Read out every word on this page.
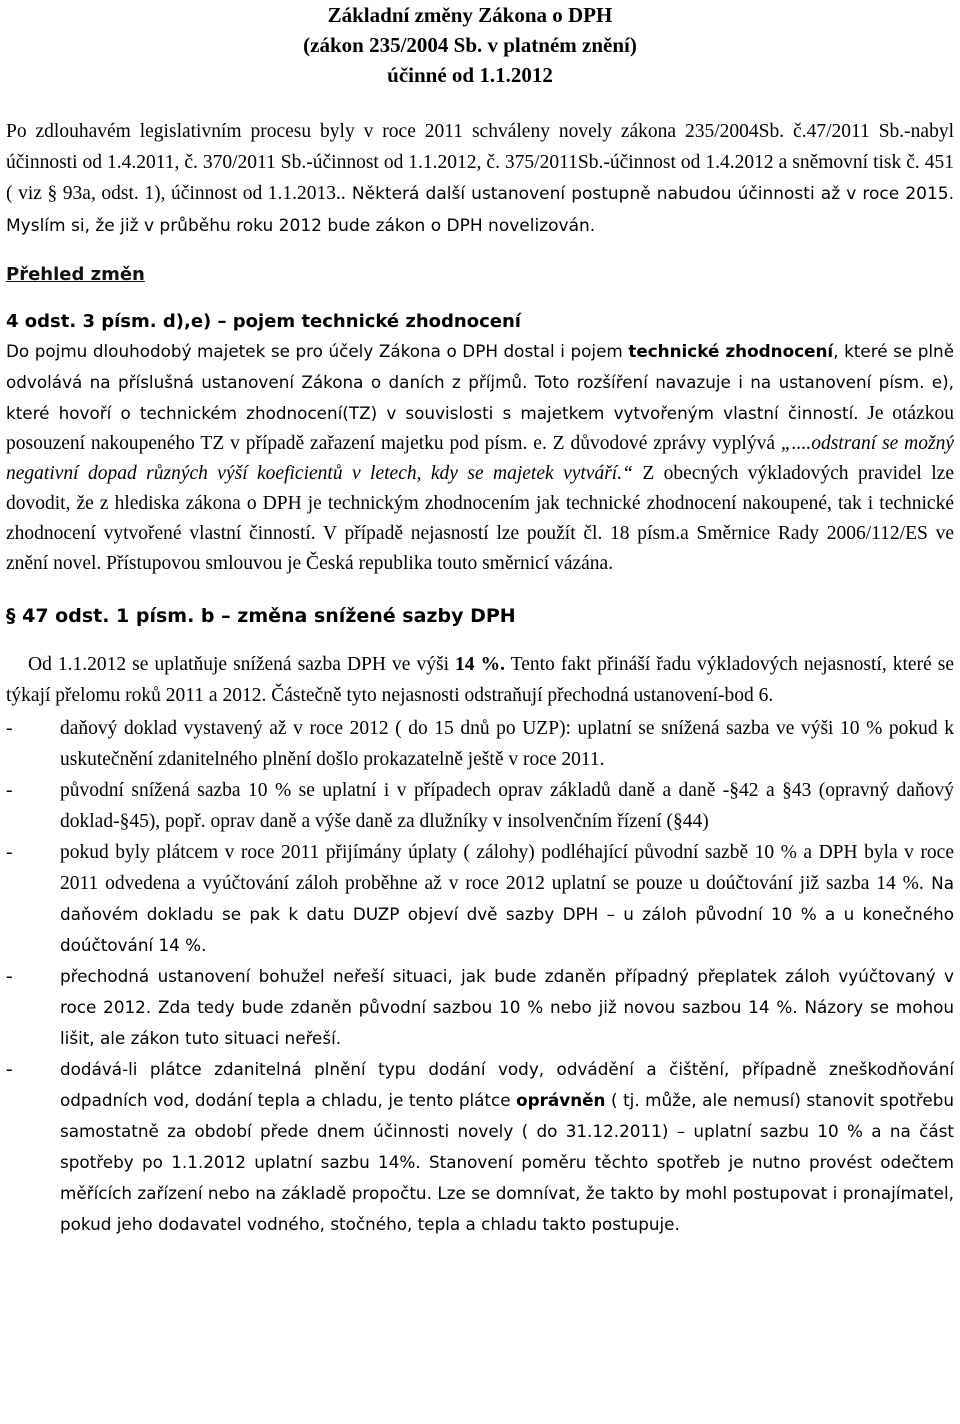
Základní změny Zákona o DPH
(zákon 235/2004 Sb. v platném znění)
účinné od 1.1.2012
Po zdlouhavém legislativním procesu byly v roce 2011 schváleny novely zákona 235/2004Sb. č.47/2011 Sb.-nabyl účinnosti od 1.4.2011, č. 370/2011 Sb.-účinnost od 1.1.2012, č. 375/2011Sb.-účinnost od 1.4.2012 a sněmovní tisk č. 451 ( viz § 93a, odst. 1), účinnost od 1.1.2013.. Některá další ustanovení postupně nabudou účinnosti až v roce 2015. Myslím si, že již v průběhu roku 2012 bude zákon o DPH novelizován.
Přehled změn
4 odst. 3 písm. d),e) – pojem technické zhodnocení
Do pojmu dlouhodobý majetek se pro účely Zákona o DPH dostal i pojem technické zhodnocení, které se plně odvolává na příslušná ustanovení Zákona o daních z příjmů. Toto rozšíření navazuje i na ustanovení písm. e), které hovoří o technickém zhodnocení(TZ) v souvislosti s majetkem vytvořeným vlastní činností. Je otázkou posouzení nakoupeného TZ v případě zařazení majetku pod písm. e. Z důvodové zprávy vyplývá „....odstraní se možný negativní dopad různých výší koeficientů v letech, kdy se majetek vytváří.“ Z obecných výkladových pravidel lze dovodit, že z hlediska zákona o DPH je technickým zhodnocením jak technické zhodnocení nakoupené, tak i technické zhodnocení vytvořené vlastní činností. V případě nejasností lze použít čl. 18 písm.a Směrnice Rady 2006/112/ES ve znění novel. Přístupovou smlouvou je Česká republika touto směrnicí vázána.
§ 47 odst. 1 písm. b – změna snížené sazby DPH
Od 1.1.2012 se uplatňuje snížená sazba DPH ve výši 14 %. Tento fakt přináší řadu výkladových nejasností, které se týkají přelomu roků 2011 a 2012. Částečně tyto nejasnosti odstraňují přechodná ustanovení-bod 6.
- daňový doklad vystavený až v roce 2012 ( do 15 dnů po UZP): uplatní se snížená sazba ve výši 10 % pokud k uskutečnění zdanitelného plnění došlo prokazatelně ještě v roce 2011.
- původní snížená sazba 10 % se uplatní i v případech oprav základů daně a daně -§42 a §43 (opravný daňový doklad-§45), popř. oprav daně a výše daně za dlužníky v insolvenčním řízení (§44)
- pokud byly plátcem v roce 2011 přijímány úplaty ( zálohy) podléhající původní sazbě 10 % a DPH byla v roce 2011 odvedena a vyúčtování záloh proběhne až v roce 2012 uplatní se pouze u doúčtování již sazba 14 %. Na daňovém dokladu se pak k datu DUZP objeví dvě sazby DPH – u záloh původní 10 % a u konečného doúčtování 14 %.
-	přechodná ustanovení bohužel neřeší situaci, jak bude zdaněn případný přeplatek záloh vyúčtovaný v roce 2012. Zda tedy bude zdaněn původní sazbou 10 % nebo již novou sazbou 14 %. Názory se mohou lišit, ale zákon tuto situaci neřeší.
-	dodává-li plátce zdanitelná plnění typu dodání vody, odvádění a čištění, případně zneškodňování odpadních vod, dodání tepla a chladu, je tento plátce oprávněn ( tj. může, ale nemusí) stanovit spotřebu samostatně za období přede dnem účinnosti novely ( do 31.12.2011) – uplatní sazbu 10 % a na část spotřeby po 1.1.2012 uplatní sazbu 14%. Stanovení poměru těchto spotřeb je nutno provést odečtem měřících zařízení nebo na základě propočtu. Lze se domnívat, že takto by mohl postupovat i pronajímatel, pokud jeho dodavatel vodného, stočného, tepla a chladu takto postupuje.
